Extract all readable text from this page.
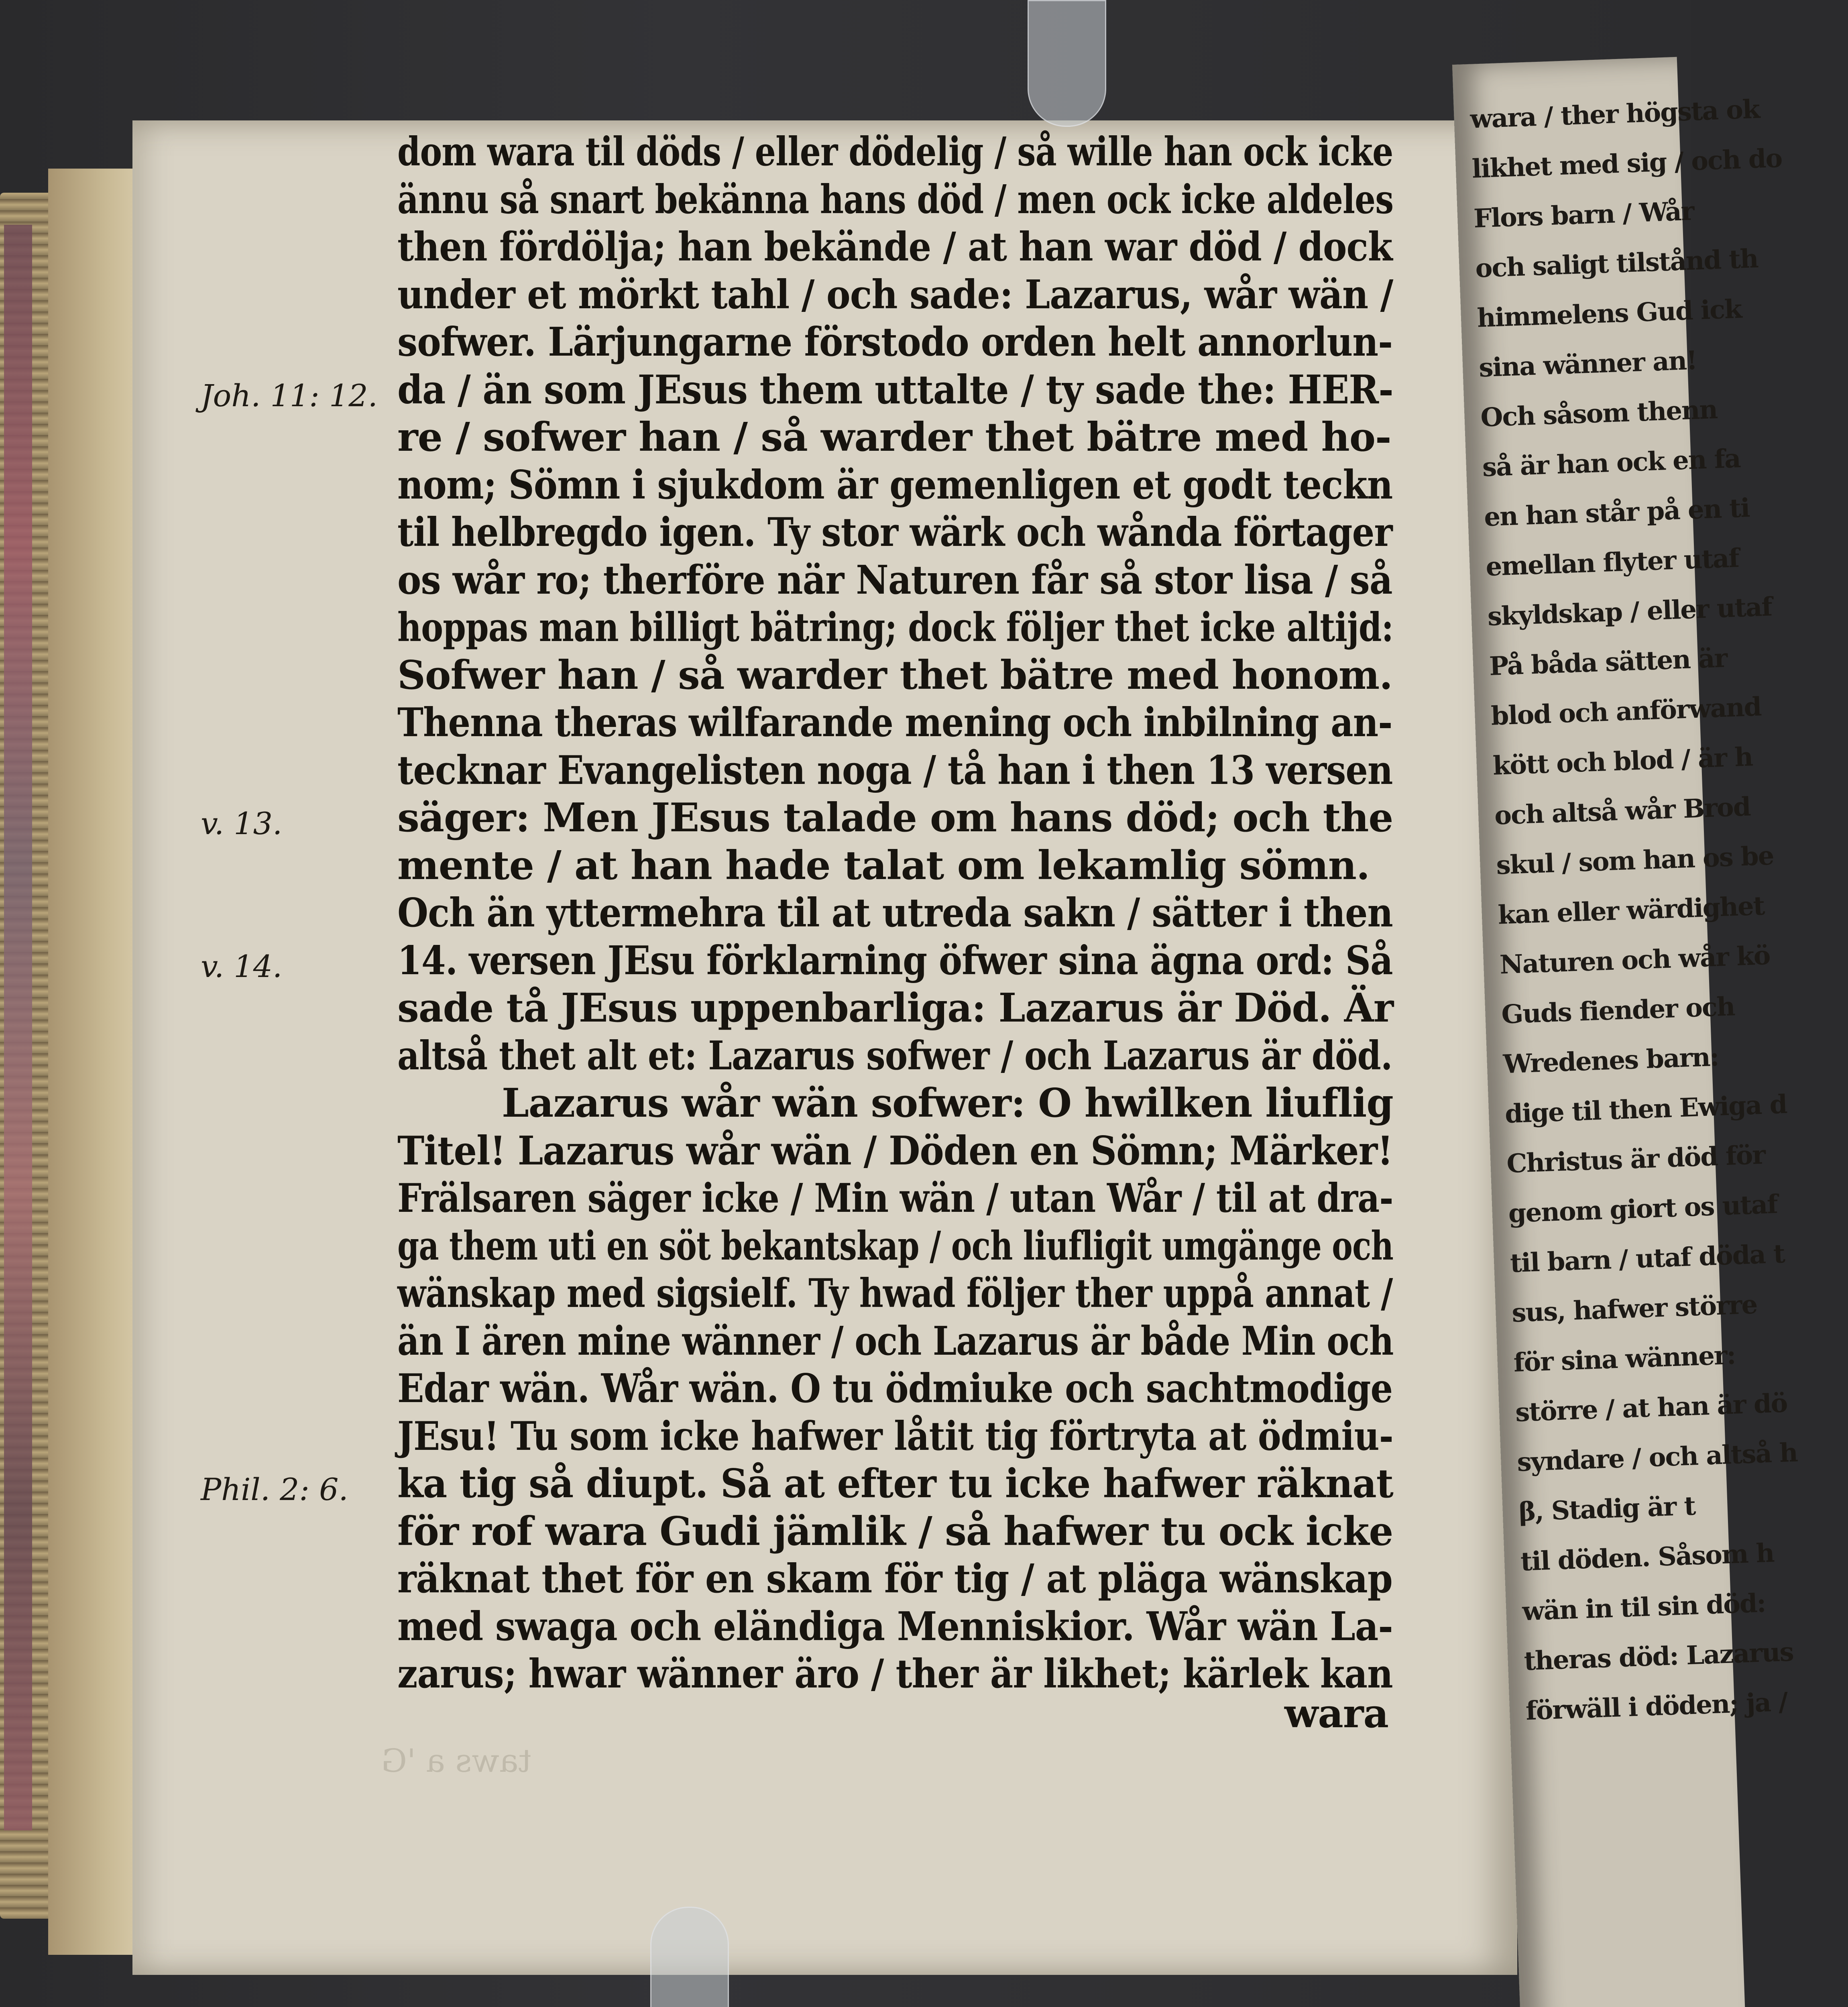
wara / ther högsta ok
likhet med sig / och do
Flors barn / Wår
och saligt tilstånd th
himmelens Gud ick
sina wänner an!
Och såsom thenn
så är han ock en fa
en han står på en ti
emellan flyter utaf
skyldskap / eller utaf
På båda sätten är
blod och anförwand
kött och blod / är h
och altså wår Brod
skul / som han os be
kan eller wärdighet
Naturen och wår kö
Guds fiender och
Wredenes barn:
dige til then Ewiga d
Christus är död för
genom giort os utaf
til barn / utaf döda t
sus, hafwer större
för sina wänner:
större / at han är dö
syndare / och altså h
β, Stadig är t
til döden. Såsom h
wän in til sin död:
theras död: Lazarus
förwäll i döden; ja /
dom wara til döds / eller dödelig / så wille han ock icke
ännu så snart bekänna hans död / men ock icke aldeles
then fördölja; han bekände / at han war död / dock
under et mörkt tahl / och sade: Lazarus, wår wän /
sofwer. Lärjungarne förstodo orden helt annorlun-
da / än som JEsus them uttalte / ty sade the: HER-
re / sofwer han / så warder thet bätre med ho-
nom; Sömn i sjukdom är gemenligen et godt teckn
til helbregdo igen. Ty stor wärk och wånda förtager
os wår ro; therföre när Naturen får så stor lisa / så
hoppas man billigt bätring; dock följer thet icke altijd:
Sofwer han / så warder thet bätre med honom.
Thenna theras wilfarande mening och inbilning an-
tecknar Evangelisten noga / tå han i then 13 versen
säger: Men JEsus talade om hans död; och the
mente / at han hade talat om lekamlig sömn.
Och än yttermehra til at utreda sakn / sätter i then
14. versen JEsu förklarning öfwer sina ägna ord: Så
sade tå JEsus uppenbarliga: Lazarus är Död. Är
altså thet alt et: Lazarus sofwer / och Lazarus är död.
Lazarus wår wän sofwer: O hwilken liuflig
Titel! Lazarus wår wän / Döden en Sömn; Märker!
Frälsaren säger icke / Min wän / utan Wår / til at dra-
ga them uti en söt bekantskap / och liufligit umgänge och
wänskap med sigsielf. Ty hwad följer ther uppå annat /
än I ären mine wänner / och Lazarus är både Min och
Edar wän. Wår wän. O tu ödmiuke och sachtmodige
JEsu! Tu som icke hafwer låtit tig förtryta at ödmiu-
ka tig så diupt. Så at efter tu icke hafwer räknat
för rof wara Gudi jämlik / så hafwer tu ock icke
räknat thet för en skam för tig / at pläga wänskap
med swaga och eländiga Menniskior. Wår wän La-
zarus; hwar wänner äro / ther är likhet; kärlek kan
wara
Joh. 11: 12.
v. 13.
v. 14.
Phil. 2: 6.
taws a 'G
